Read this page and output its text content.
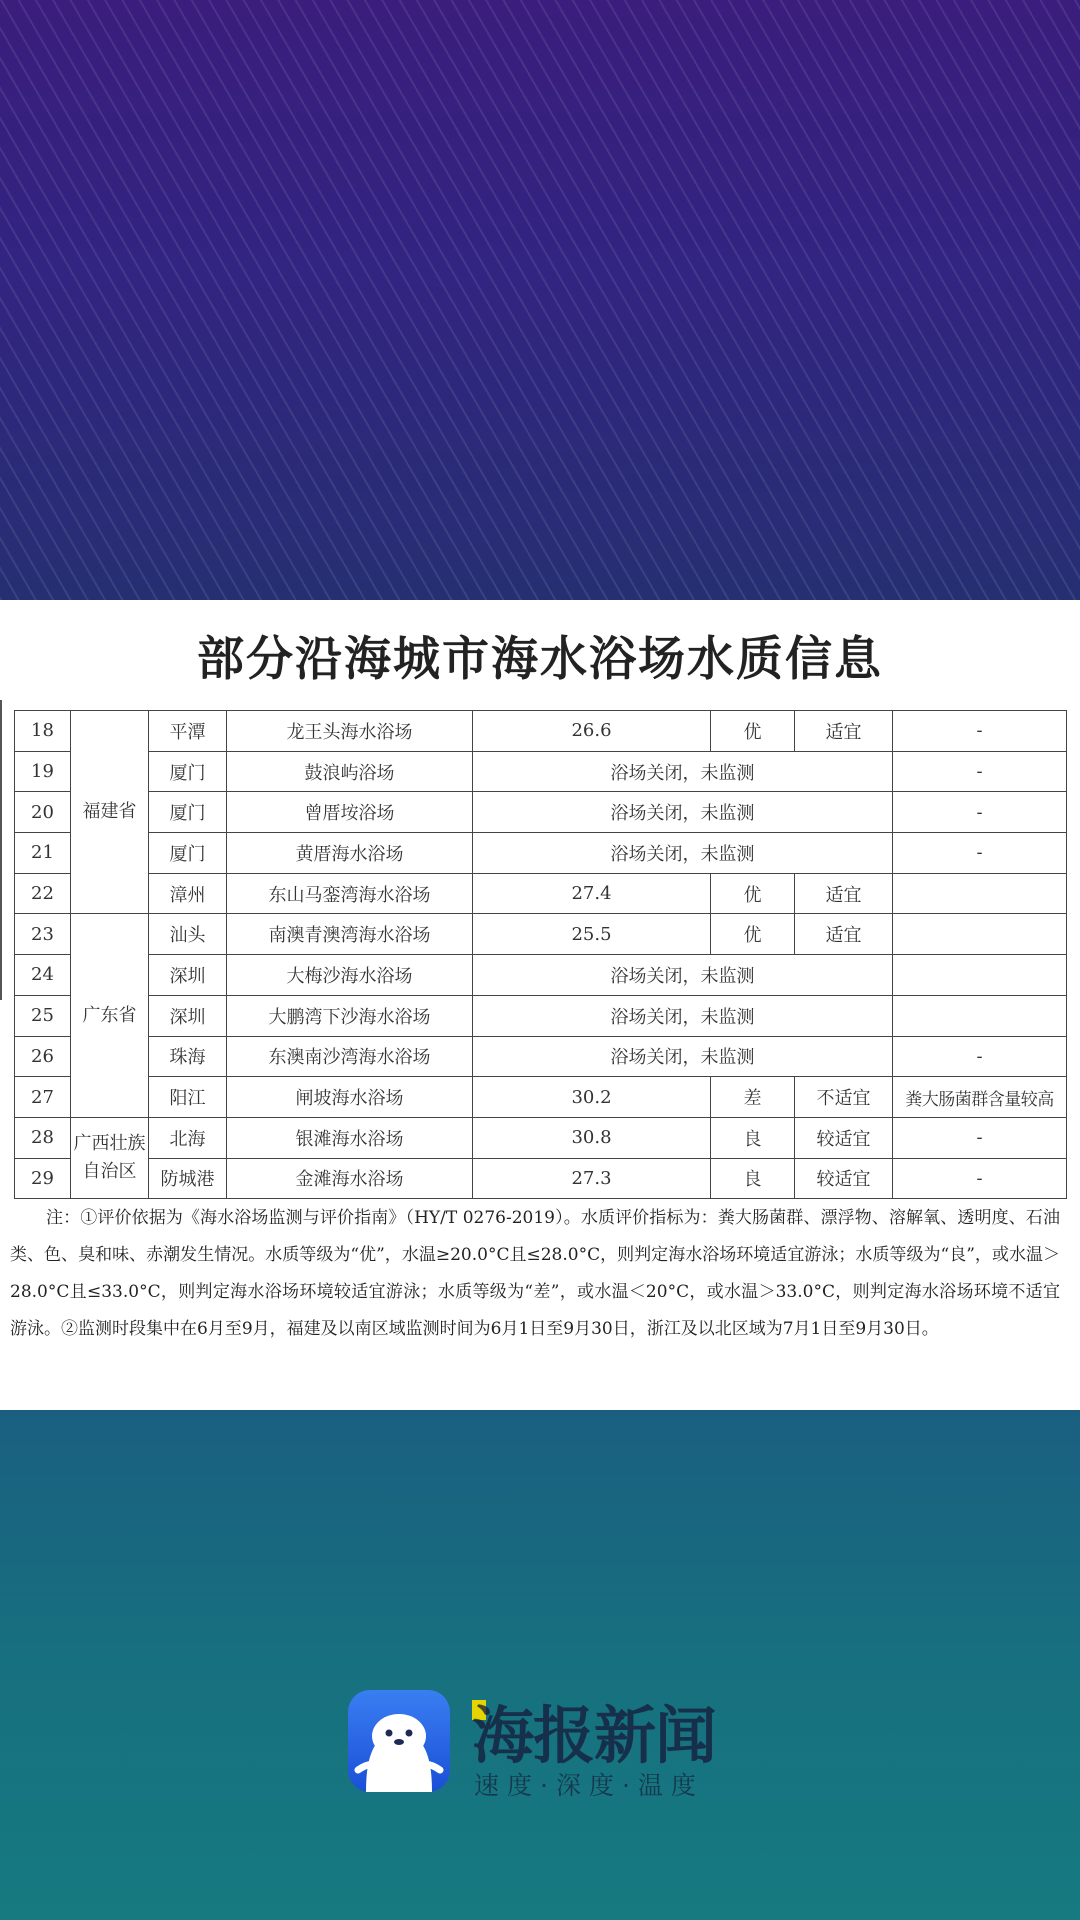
部分沿海城市海水浴场水质信息
18	福建省	平潭	龙王头海水浴场	26.6	优	适宜	-
19		厦门	鼓浪屿浴场	浴场关闭，未监测			-
20		厦门	曾厝垵浴场	浴场关闭，未监测			-
21		厦门	黄厝海水浴场	浴场关闭，未监测			-
22		漳州	东山马銮湾海水浴场	27.4	优	适宜	
23	广东省	汕头	南澳青澳湾海水浴场	25.5	优	适宜	
24		深圳	大梅沙海水浴场	浴场关闭，未监测			
25		深圳	大鹏湾下沙海水浴场	浴场关闭，未监测			
26		珠海	东澳南沙湾海水浴场	浴场关闭，未监测			-
27		阳江	闸坡海水浴场	30.2	差	不适宜	粪大肠菌群含量较高
28	广西壮族自治区	北海	银滩海水浴场	30.8	良	较适宜	-
29		防城港	金滩海水浴场	27.3	良	较适宜	-
注：①评价依据为《海水浴场监测与评价指南》（HY/T 0276-2019）。水质评价指标为：粪大肠菌群、漂浮物、溶解氧、透明度、石油类、色、臭和味、赤潮发生情况。水质等级为“优”，水温≥20.0°C且≤28.0°C，则判定海水浴场环境适宜游泳；水质等级为“良”，或水温＞28.0°C且≤33.0°C，则判定海水浴场环境较适宜游泳；水质等级为“差”，或水温＜20°C，或水温＞33.0°C，则判定海水浴场环境不适宜游泳。②监测时段集中在6月至9月，福建及以南区域监测时间为6月1日至9月30日，浙江及以北区域为7月1日至9月30日。
海报新闻
速度·深度·温度
